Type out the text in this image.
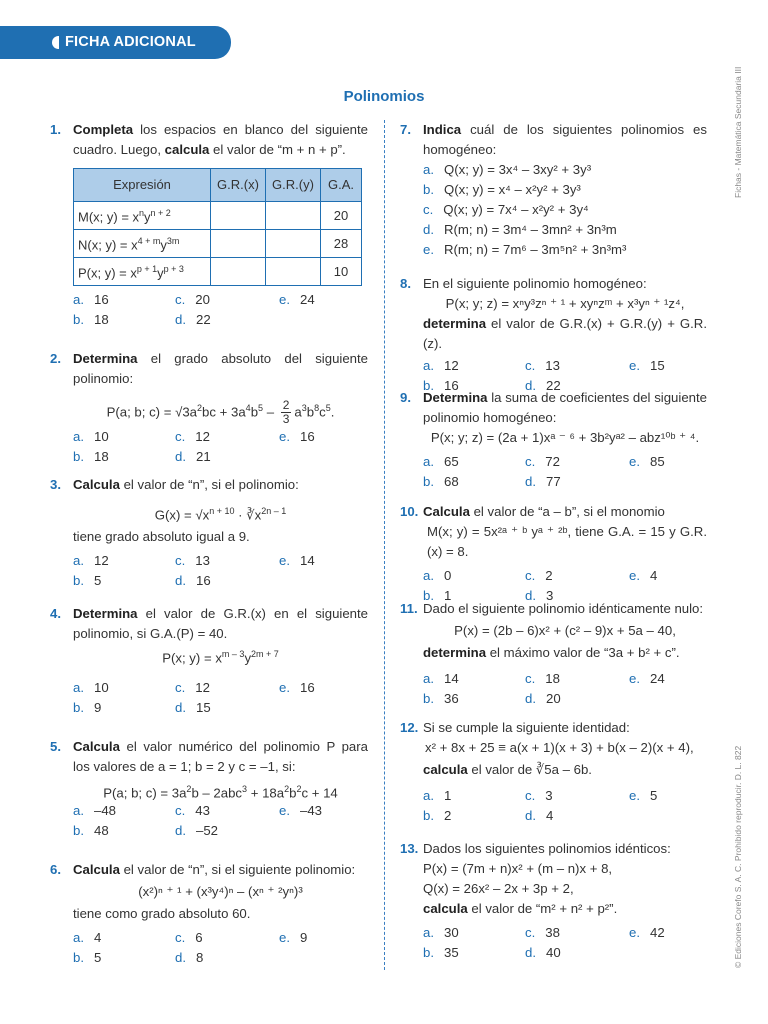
FICHA ADICIONAL
Polinomios	Fichas - Matemática Secundaria III
© Ediciones Corefo S. A. C. Prohibido reproducir. D. L. 822
1. Completa los espacios en blanco del siguiente cuadro. Luego, calcula el valor de “m + n + p”.
Expresión	G.R.(x)	G.R.(y)	G.A.
M(x; $y) = x^ny^{n + 2}$			20
N(x; $y) = x^{4 + m}y^{3m}$			28
P(x; $y) = x^{p + 1}y^{p + 3}$			10
a. 16
b. 18
c. 20
d. 22
e. 24
2. Determina el grado absoluto del siguiente polinomio:
P(a; b; $c) = √3a^2bc + 3a^4b^5 - \frac{2}{3} a^3b^8c^5$.
a. 10
b. 18
c. 12
d. 21
e. 16
3. Calcula el valor de “n”, si el polinomio:
$G(x) = √x^{n + 10}$ · $∛x^{2n - 1}$
tiene grado absoluto igual a 9.
a. 12
b. 5
c. 13
d. 16
e. 14
4. Determina el valor de G.R.(x) en el siguiente polinomio, si G.A.(P) = 40.
P(x; $y) = x^{m - 3}y^{2m + 7}$
a. 10
b. 9
c. 12
d. 15
e. 16
5. Calcula el valor numérico del polinomio P para los valores de a = 1; b = 2 y c = –1, si:
P(a; b; $c) = 3a^2b - 2abc^3 + 18a^2b^2c + 14$
a. –48
b. 48
c. 43
d. –52
e. –43
6. Calcula el valor de “n”, si el siguiente polinomio:
(x²)ⁿ ⁺ ¹ + (x³y⁴)ⁿ – (xⁿ ⁺ ²yⁿ)³
tiene como grado absoluto 60.
a. 4
b. 5
c. 6
d. 8
e. 9
7. Indica cuál de los siguientes polinomios es homogéneo:
a. Q(x; y) = 3x⁴ – 3xy² + 3y³
b. Q(x; y) = x⁴ – x²y² + 3y³
c. Q(x; y) = 7x⁴ – x²y² + 3y⁴
d. R(m; n) = 3m⁴ – 3mn² + 3n³m
e. R(m; n) = 7m⁶ – 3m⁵n² + 3n³m³
8. En el siguiente polinomio homogéneo:
P(x; y; z) = xⁿy³zⁿ ⁺ ¹ + xyⁿzᵐ + x³yⁿ ⁺ ¹z⁴,
determina el valor de G.R.(x) + G.R.(y) + G.R.(z).
a. 12
b. 16
c. 13
d. 22
e. 15
9. Determina la suma de coeficientes del siguiente polinomio homogéneo:
P(x; y; z) = (2a + 1)xᵃ ⁻ ⁶ + 3b²yᵃ² – abz¹⁰ᵇ ⁺ ⁴.
a. 65
b. 68
c. 72
d. 77
e. 85
10. Calcula el valor de “a – b”, si el monomio
M(x; y) = 5x²ᵃ ⁺ ᵇ yᵃ ⁺ ²ᵇ, tiene G.A. = 15 y G.R.(x) = 8.
a. 0
b. 1
c. 2
d. 3
e. 4
11. Dado el siguiente polinomio idénticamente nulo:
P(x) = (2b – 6)x² + (c² – 9)x + 5a – 40,
determina el máximo valor de “3a + b² + c”.
a. 14
b. 36
c. 18
d. 20
e. 24
12. Si se cumple la siguiente identidad:
x² + 8x + 25 ≡ a(x + 1)(x + 3) + b(x – 2)(x + 4),
calcula el valor de ∛5a – 6b.
a. 1
b. 2
c. 3
d. 4
e. 5
13. Dados los siguientes polinomios idénticos:
P(x) = (7m + n)x² + (m – n)x + 8,
Q(x) = 26x² – 2x + 3p + 2,
calcula el valor de “m² + n² + p²”.
a. 30
b. 35
c. 38
d. 40
e. 42
